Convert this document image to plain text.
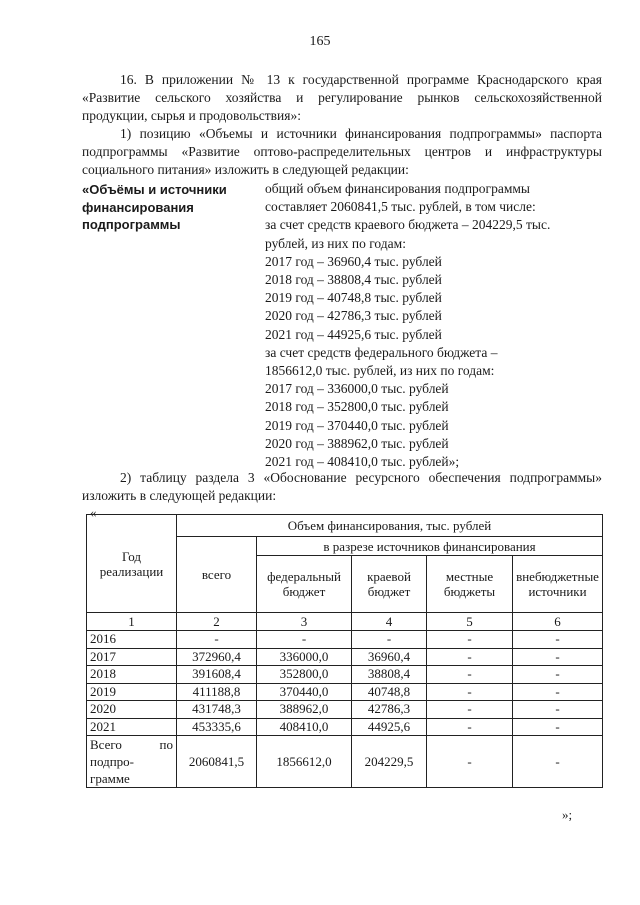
165
16. В приложении № 13 к государственной программе Краснодарского края «Развитие сельского хозяйства и регулирование рынков сельскохозяйственной продукции, сырья и продовольствия»:
1) позицию «Объемы и источники финансирования подпрограммы» паспорта подпрограммы «Развитие оптово-распределительных центров и инфраструктуры социального питания» изложить в следующей редакции:
«Объёмы и источники финансирования подпрограммы
общий объем финансирования подпрограммы
составляет 2060841,5 тыс. рублей, в том числе:
за счет средств краевого бюджета – 204229,5 тыс.
рублей, из них по годам:
2017 год – 36960,4 тыс. рублей
2018 год – 38808,4 тыс. рублей
2019 год – 40748,8 тыс. рублей
2020 год – 42786,3 тыс. рублей
2021 год – 44925,6 тыс. рублей
за счет средств федерального бюджета –
1856612,0 тыс. рублей, из них по годам:
2017 год – 336000,0 тыс. рублей
2018 год – 352800,0 тыс. рублей
2019 год – 370440,0 тыс. рублей
2020 год – 388962,0 тыс. рублей
2021 год – 408410,0 тыс. рублей»;
2) таблицу раздела 3 «Обоснование ресурсного обеспечения подпрограммы» изложить в следующей редакции:
«
Год реализации	Объем финансирования, тыс. рублей				
	всего	в разрезе источников финансирования			
		федеральный бюджет	краевой бюджет	местные бюджеты	внебюджетные источники
1	2	3	4	5	6
2016	-	-	-	-	-
2017	372960,4	336000,0	36960,4	-	-
2018	391608,4	352800,0	38808,4	-	-
2019	411188,8	370440,0	40748,8	-	-
2020	431748,3	388962,0	42786,3	-	-
2021	453335,6	408410,0	44925,6	-	-

Всего по
подпро-
грамме	2060841,5	1856612,0	204229,5	-	-
»;
